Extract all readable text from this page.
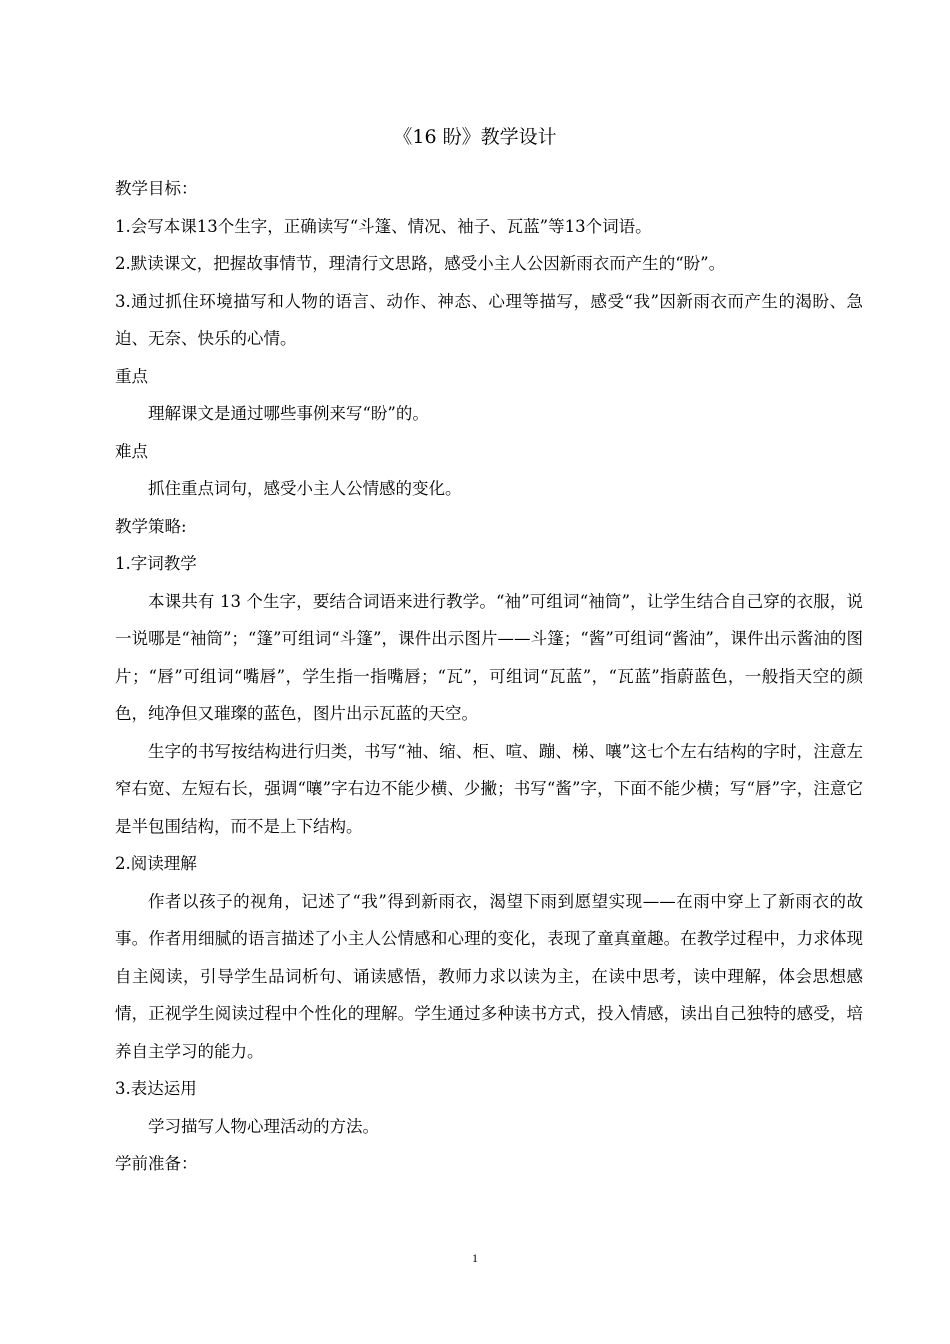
《16 盼》教学设计

教学目标：

1.会写本课13个生字，正确读写“斗篷、情况、袖子、瓦蓝”等13个词语。

2.默读课文，把握故事情节，理清行文思路，感受小主人公因新雨衣而产生的“盼”。

3.通过抓住环境描写和人物的语言、动作、神态、心理等描写，感受“我”因新雨衣而产生的渴盼、急迫、无奈、快乐的心情。

重点

理解课文是通过哪些事例来写“盼”的。

难点

抓住重点词句，感受小主人公情感的变化。

教学策略:

1.字词教学

本课共有 13 个生字，要结合词语来进行教学。“袖”可组词“袖筒”，让学生结合自己穿的衣服，说一说哪是“袖筒”；“篷”可组词“斗篷”，课件出示图片——斗篷；“酱”可组词“酱油”，课件出示酱油的图片；“唇”可组词“嘴唇”，学生指一指嘴唇；“瓦”，可组词“瓦蓝”，“瓦蓝”指蔚蓝色，一般指天空的颜色，纯净但又璀璨的蓝色，图片出示瓦蓝的天空。

生字的书写按结构进行归类，书写“袖、缩、柜、喧、蹦、梯、嚷”这七个左右结构的字时，注意左窄右宽、左短右长，强调“嚷”字右边不能少横、少撇；书写“酱”字，下面不能少横；写“唇”字，注意它是半包围结构，而不是上下结构。

2.阅读理解

作者以孩子的视角，记述了“我”得到新雨衣，渴望下雨到愿望实现——在雨中穿上了新雨衣的故事。作者用细腻的语言描述了小主人公情感和心理的变化，表现了童真童趣。在教学过程中，力求体现自主阅读，引导学生品词析句、诵读感悟，教师力求以读为主，在读中思考，读中理解，体会思想感情，正视学生阅读过程中个性化的理解。学生通过多种读书方式，投入情感，读出自己独特的感受，培养自主学习的能力。

3.表达运用

学习描写人物心理活动的方法。

学前准备：

1
